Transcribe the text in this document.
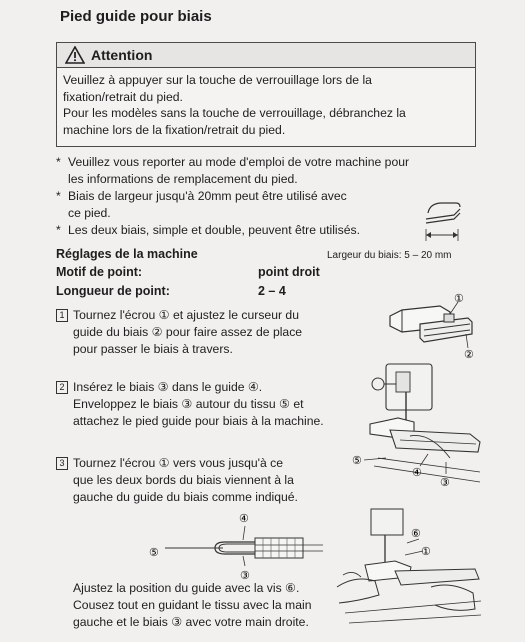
Pied guide pour biais
Attention
Veuillez à appuyer sur la touche de verrouillage lors de la
fixation/retrait du pied.
Pour les modèles sans la touche de verrouillage, débranchez la
machine lors de la fixation/retrait du pied.
* Veuillez vous reporter au mode d'emploi de votre machine pour
les informations de remplacement du pied.
* Biais de largeur jusqu'à 20mm peut être utilisé avec
ce pied.
* Les deux biais, simple et double, peuvent être utilisés.
Réglages de la machine	Largeur du biais: 5 – 20 mm
Motif de point:	point droit
Longueur de point:	2 – 4
1 Tournez l'écrou ① et ajustez le curseur du
guide du biais ② pour faire assez de place
pour passer le biais à travers.
①
②
2 Insérez le biais ③ dans le guide ④.
Enveloppez le biais ③ autour du tissu ⑤ et
attachez le pied guide pour biais à la machine.
⑤
④
③
3 Tournez l'écrou ① vers vous jusqu'à ce
que les deux bords du biais viennent à la
gauche du guide du biais comme indiqué.
④
⑤
③
⑥
①
Ajustez la position du guide avec la vis ⑥.
Cousez tout en guidant le tissu avec la main
gauche et le biais ③ avec votre main droite.
